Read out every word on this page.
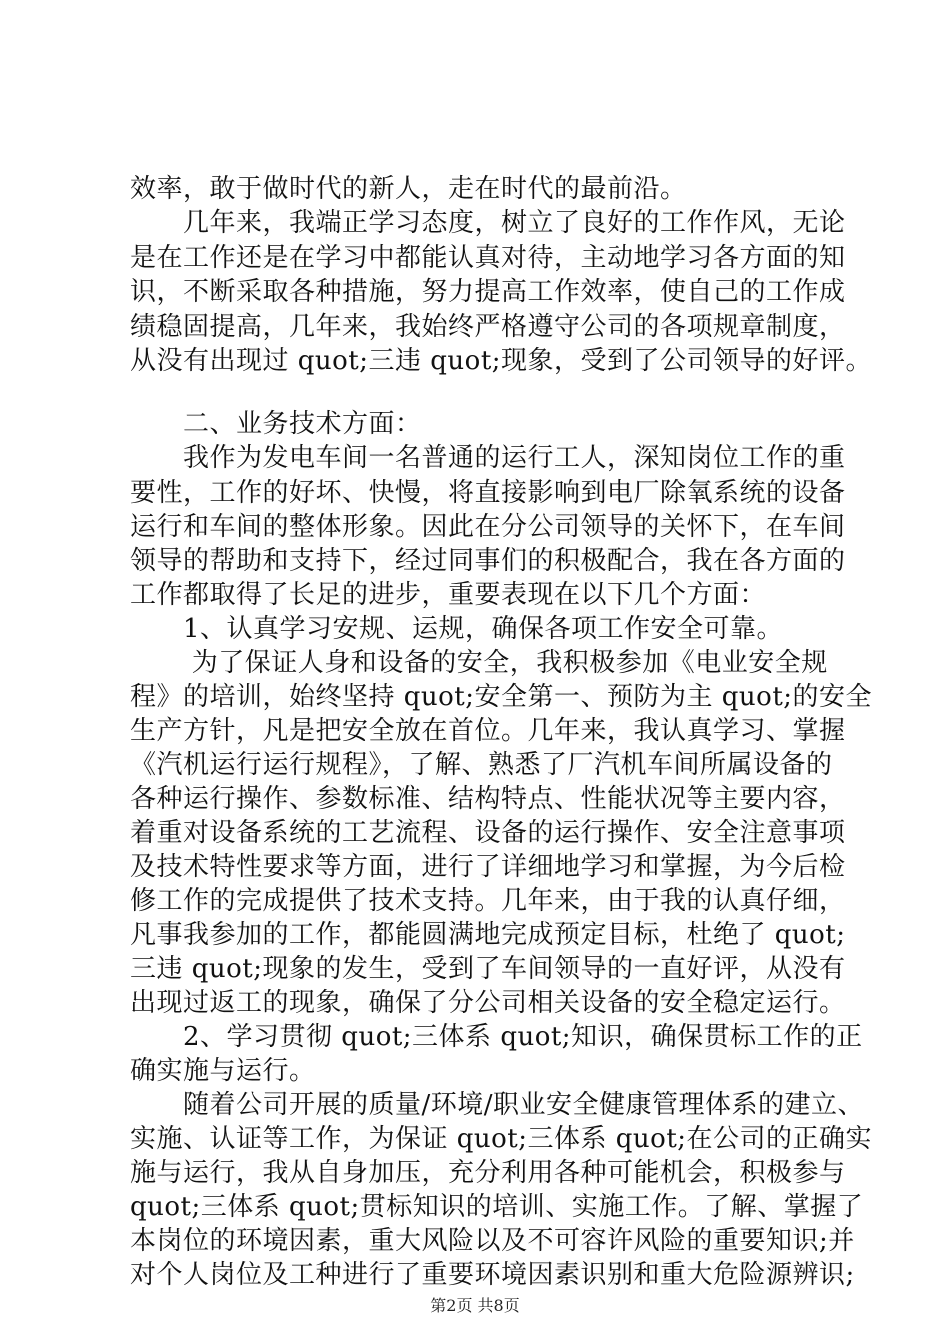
效率，敢于做时代的新人，走在时代的最前沿。
　　几年来，我端正学习态度，树立了良好的工作作风，无论
是在工作还是在学习中都能认真对待，主动地学习各方面的知
识，不断采取各种措施，努力提高工作效率，使自己的工作成
绩稳固提高，几年来，我始终严格遵守公司的各项规章制度，
从没有出现过 quot;三违 quot;现象，受到了公司领导的好评。
　　二、业务技术方面：
　　我作为发电车间一名普通的运行工人，深知岗位工作的重
要性，工作的好坏、快慢，将直接影响到电厂除氧系统的设备
运行和车间的整体形象。因此在分公司领导的关怀下，在车间
领导的帮助和支持下，经过同事们的积极配合，我在各方面的
工作都取得了长足的进步，重要表现在以下几个方面：
　　1、认真学习安规、运规，确保各项工作安全可靠。
　　 为了保证人身和设备的安全，我积极参加《电业安全规
程》的培训，始终坚持 quot;安全第一、预防为主 quot;的安全
生产方针，凡是把安全放在首位。几年来，我认真学习、掌握
《汽机运行运行规程》，了解、熟悉了厂汽机车间所属设备的
各种运行操作、参数标准、结构特点、性能状况等主要内容，
着重对设备系统的工艺流程、设备的运行操作、安全注意事项
及技术特性要求等方面，进行了详细地学习和掌握，为今后检
修工作的完成提供了技术支持。几年来，由于我的认真仔细，
凡事我参加的工作，都能圆满地完成预定目标，杜绝了 quot;
三违 quot;现象的发生，受到了车间领导的一直好评，从没有
出现过返工的现象，确保了分公司相关设备的安全稳定运行。
　　2、学习贯彻 quot;三体系 quot;知识，确保贯标工作的正
确实施与运行。
　　随着公司开展的质量/环境/职业安全健康管理体系的建立、
实施、认证等工作，为保证 quot;三体系 quot;在公司的正确实
施与运行，我从自身加压，充分利用各种可能机会，积极参与
quot;三体系 quot;贯标知识的培训、实施工作。了解、掌握了
本岗位的环境因素，重大风险以及不可容许风险的重要知识;并
对个人岗位及工种进行了重要环境因素识别和重大危险源辨识;
第2页 共8页
